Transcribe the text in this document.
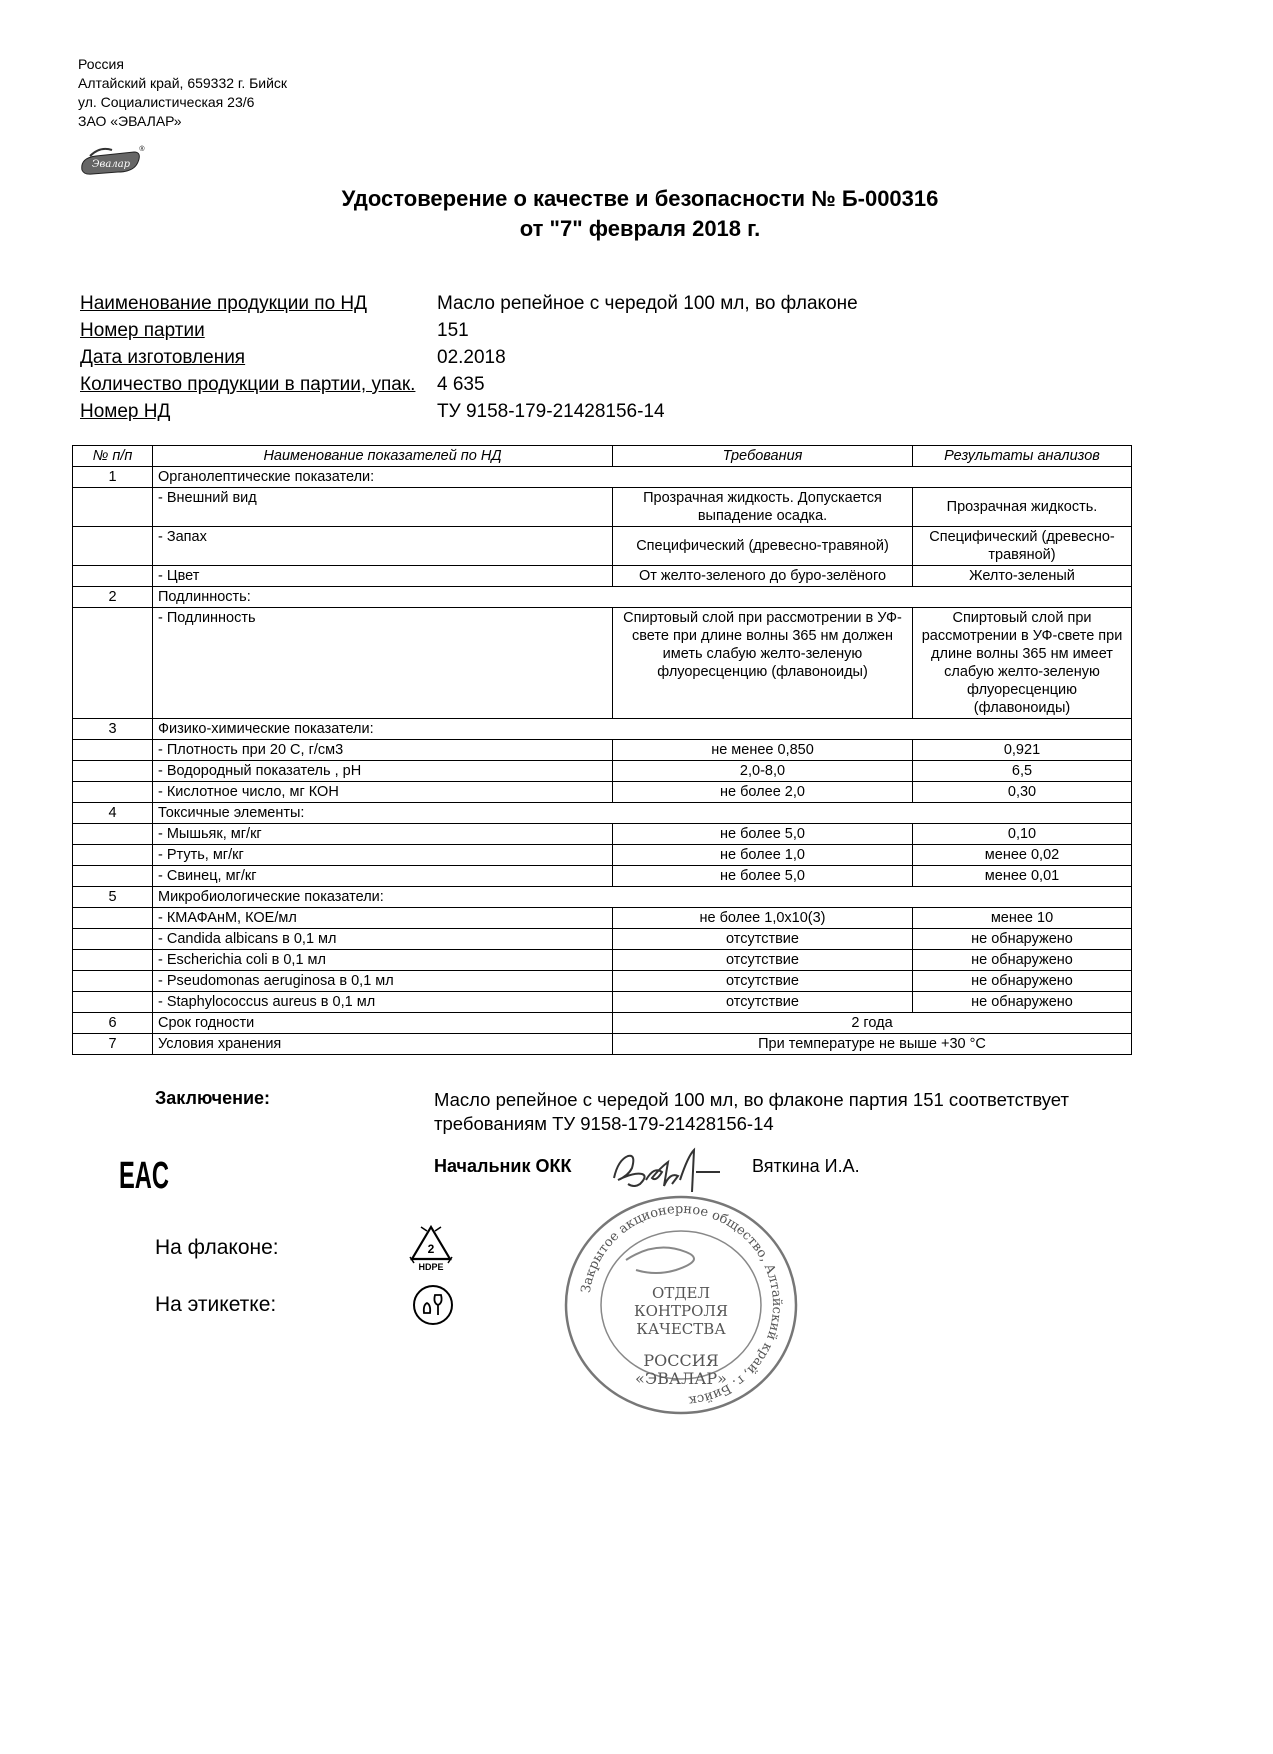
Россия
Алтайский край, 659332 г. Бийск
ул. Социалистическая 23/6
ЗАО «ЭВАЛАР»
Эвалар
®
Удостоверение о качестве и безопасности № Б-000316
от "7" февраля 2018 г.
Наименование продукции по НД	Масло репейное с чередой 100 мл, во флаконе
Номер партии	151
Дата изготовления	02.2018
Количество продукции в партии, упак. 4 635
Номер НД	ТУ 9158-179-21428156-14
№ п/п	Наименование показателей по НД	Требования	Результаты анализов
1	Органолептические показатели:		
	- Внешний вид	Прозрачная жидкость. Допускается выпадение осадка.	Прозрачная жидкость.
	- Запах	Специфический (древесно-травяной)	Специфический (древесно-травяной)
	- Цвет	От желто-зеленого до буро-зелёного	Желто-зеленый
2	Подлинность:		
	- Подлинность	Спиртовый слой при рассмотрении в УФ-свете при длине волны 365 нм должен иметь слабую желто-зеленую флуоресценцию (флавоноиды)	Спиртовый слой при рассмотрении в УФ-свете при длине волны 365 нм имеет слабую желто-зеленую флуоресценцию (флавоноиды)
3	Физико-химические показатели:		
	- Плотность при 20 С, г/см3	не менее 0,850	0,921
	- Водородный показатель , pH	2,0-8,0	6,5
	- Кислотное число, мг КОН	не более 2,0	0,30
4	Токсичные элементы:		
	- Мышьяк, мг/кг	не более 5,0	0,10
	- Ртуть, мг/кг	не более 1,0	менее 0,02
	- Свинец, мг/кг	не более 5,0	менее 0,01
5	Микробиологические показатели:		
	- КМАФАнМ, КОЕ/мл	не более 1,0x10(3)	менее 10
	- Candida albicans в 0,1 мл	отсутствие	не обнаружено
	- Escherichia coli в 0,1 мл	отсутствие	не обнаружено
	- Pseudomonas aeruginosa в 0,1 мл	отсутствие	не обнаружено
	- Staphylococcus aureus в 0,1 мл	отсутствие	не обнаружено
6	Срок годности	2 года	
7	Условия хранения	При температуре не выше +30 °С	
Заключение:	Масло репейное с чередой 100 мл, во флаконе партия 151 соответствует требованиям ТУ 9158-179-21428156-14
Начальник ОКК	Вяткина И.А.
Закрытое акционерное общество, Алтайский край, г. Бийск
ОТДЕЛ
КОНТРОЛЯ
КАЧЕСТВА
РОССИЯ
«ЭВАЛАР»
EAC
На флаконе:	2
HDPE
На этикетке:
